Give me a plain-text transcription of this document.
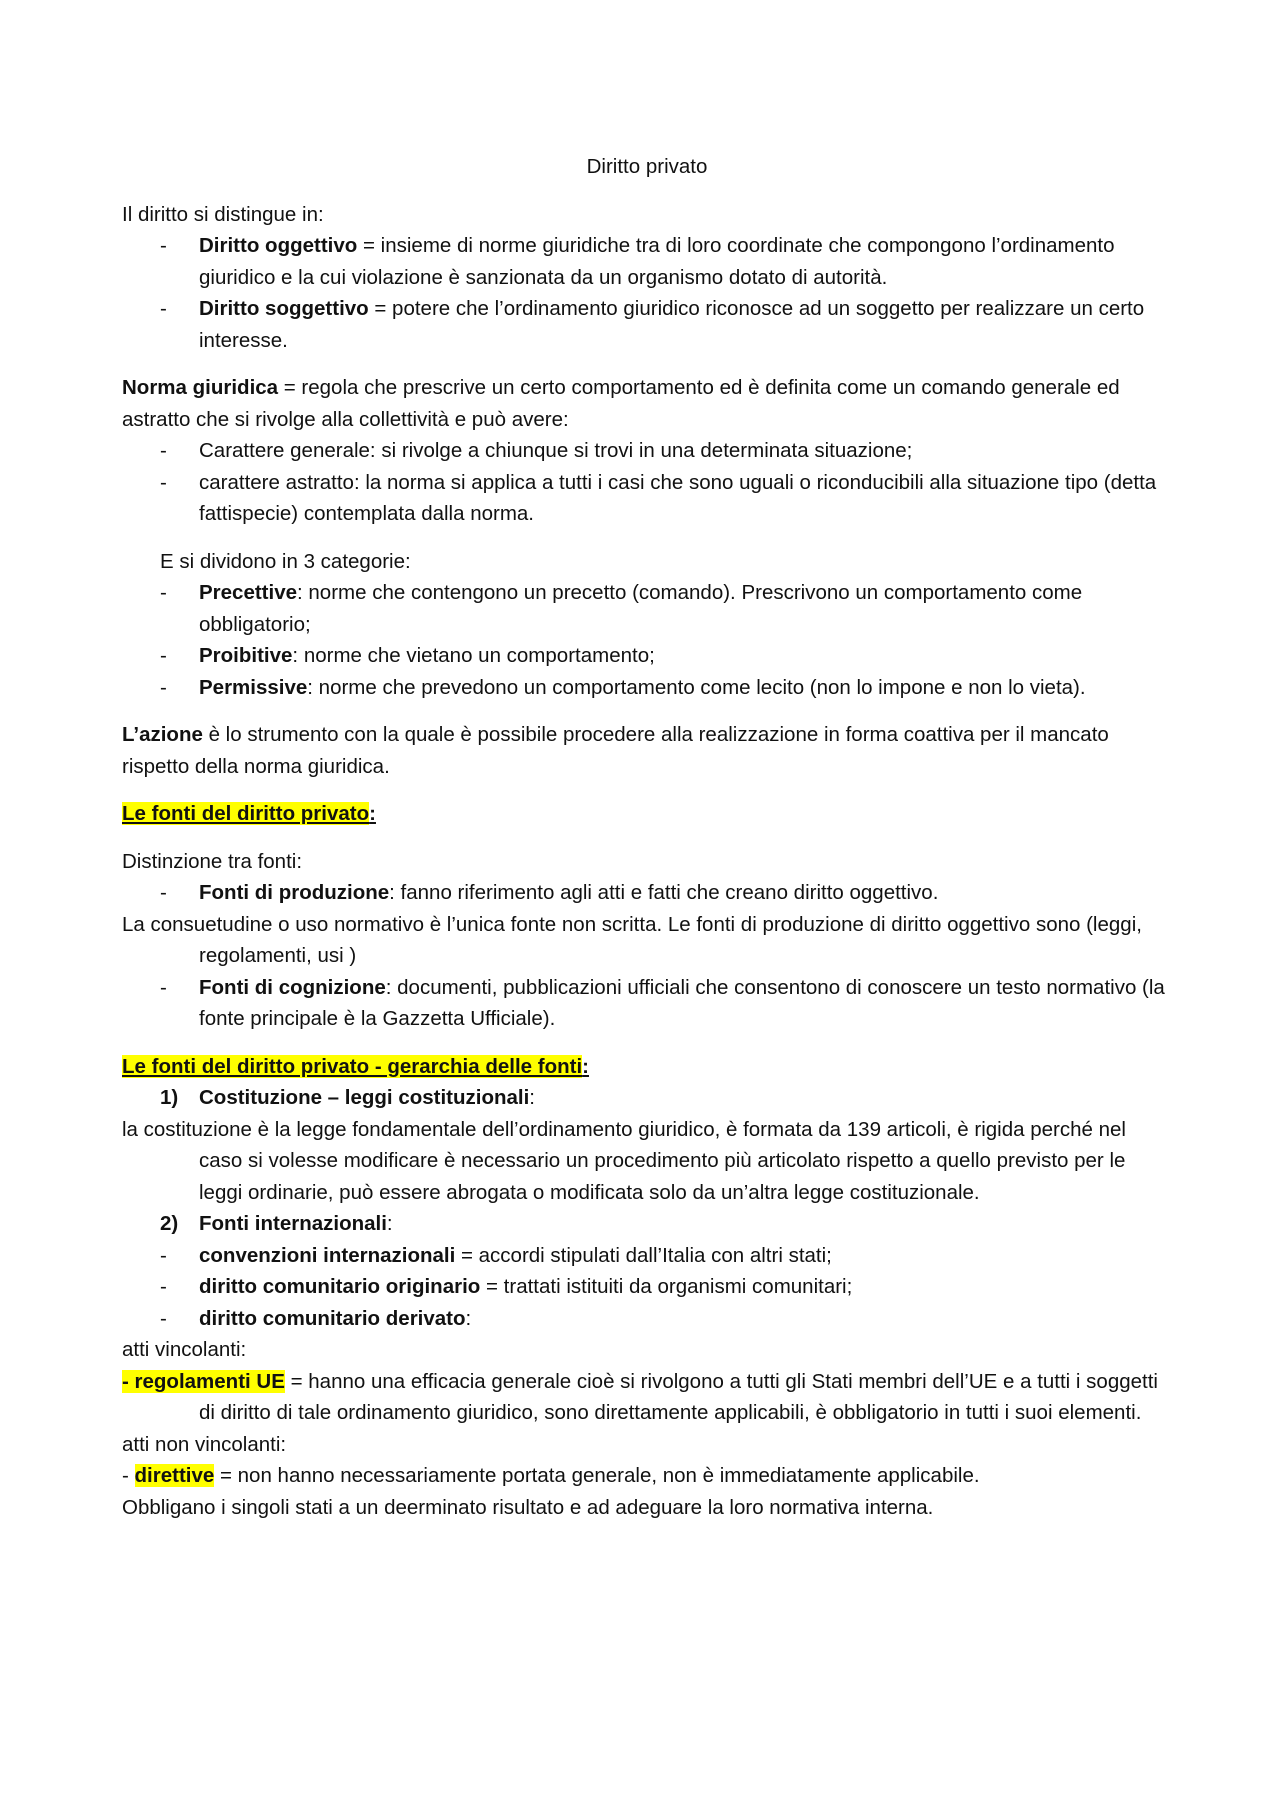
Diritto privato

Il diritto si distingue in:

-	Diritto oggettivo = insieme di norme giuridiche tra di loro coordinate che compongono l’ordinamento giuridico e la cui violazione è sanzionata da un organismo dotato di autorità.
-	Diritto soggettivo = potere che l’ordinamento giuridico riconosce ad un soggetto per realizzare un certo interesse.

Norma giuridica = regola che prescrive un certo comportamento ed è definita come un comando generale ed astratto che si rivolge alla collettività e può avere:

-	Carattere generale: si rivolge a chiunque si trovi in una determinata situazione;
-	carattere astratto: la norma si applica a tutti i casi che sono uguali o riconducibili alla situazione tipo (detta fattispecie) contemplata dalla norma.

E si dividono in 3 categorie:

-	Precettive: norme che contengono un precetto (comando). Prescrivono un comportamento come obbligatorio;
-	Proibitive: norme che vietano un comportamento;
-	Permissive: norme che prevedono un comportamento come lecito (non lo impone e non lo vieta).

L’azione è lo strumento con la quale è possibile procedere alla realizzazione in forma coattiva per il mancato rispetto della norma giuridica.

Le fonti del diritto privato:

Distinzione tra fonti:

-	Fonti di produzione: fanno riferimento agli atti e fatti che creano diritto oggettivo.

La consuetudine o uso normativo è l’unica fonte non scritta. Le fonti di produzione di diritto oggettivo sono (leggi, regolamenti, usi )

-	Fonti di cognizione: documenti, pubblicazioni ufficiali che consentono di conoscere un testo normativo (la fonte principale è la Gazzetta Ufficiale).

Le fonti del diritto privato - gerarchia delle fonti:

1)	Costituzione – leggi costituzionali:

la costituzione è la legge fondamentale dell’ordinamento giuridico, è formata da 139 articoli, è rigida perché nel caso si volesse modificare è necessario un procedimento più articolato rispetto a quello previsto per le leggi ordinarie, può essere abrogata o modificata solo da un’altra legge costituzionale.

2)	Fonti internazionali:
-	convenzioni internazionali = accordi stipulati dall’Italia con altri stati;
-	diritto comunitario originario = trattati istituiti da organismi comunitari;
-	diritto comunitario derivato:

atti vincolanti:

- regolamenti UE = hanno una efficacia generale cioè si rivolgono a tutti gli Stati membri dell’UE e a tutti i soggetti di diritto di tale ordinamento giuridico, sono direttamente applicabili, è obbligatorio in tutti i suoi elementi.

atti non vincolanti:

- direttive = non hanno necessariamente portata generale, non è immediatamente applicabile.

Obbligano i singoli stati a un deerminato risultato e ad adeguare la loro normativa interna.
